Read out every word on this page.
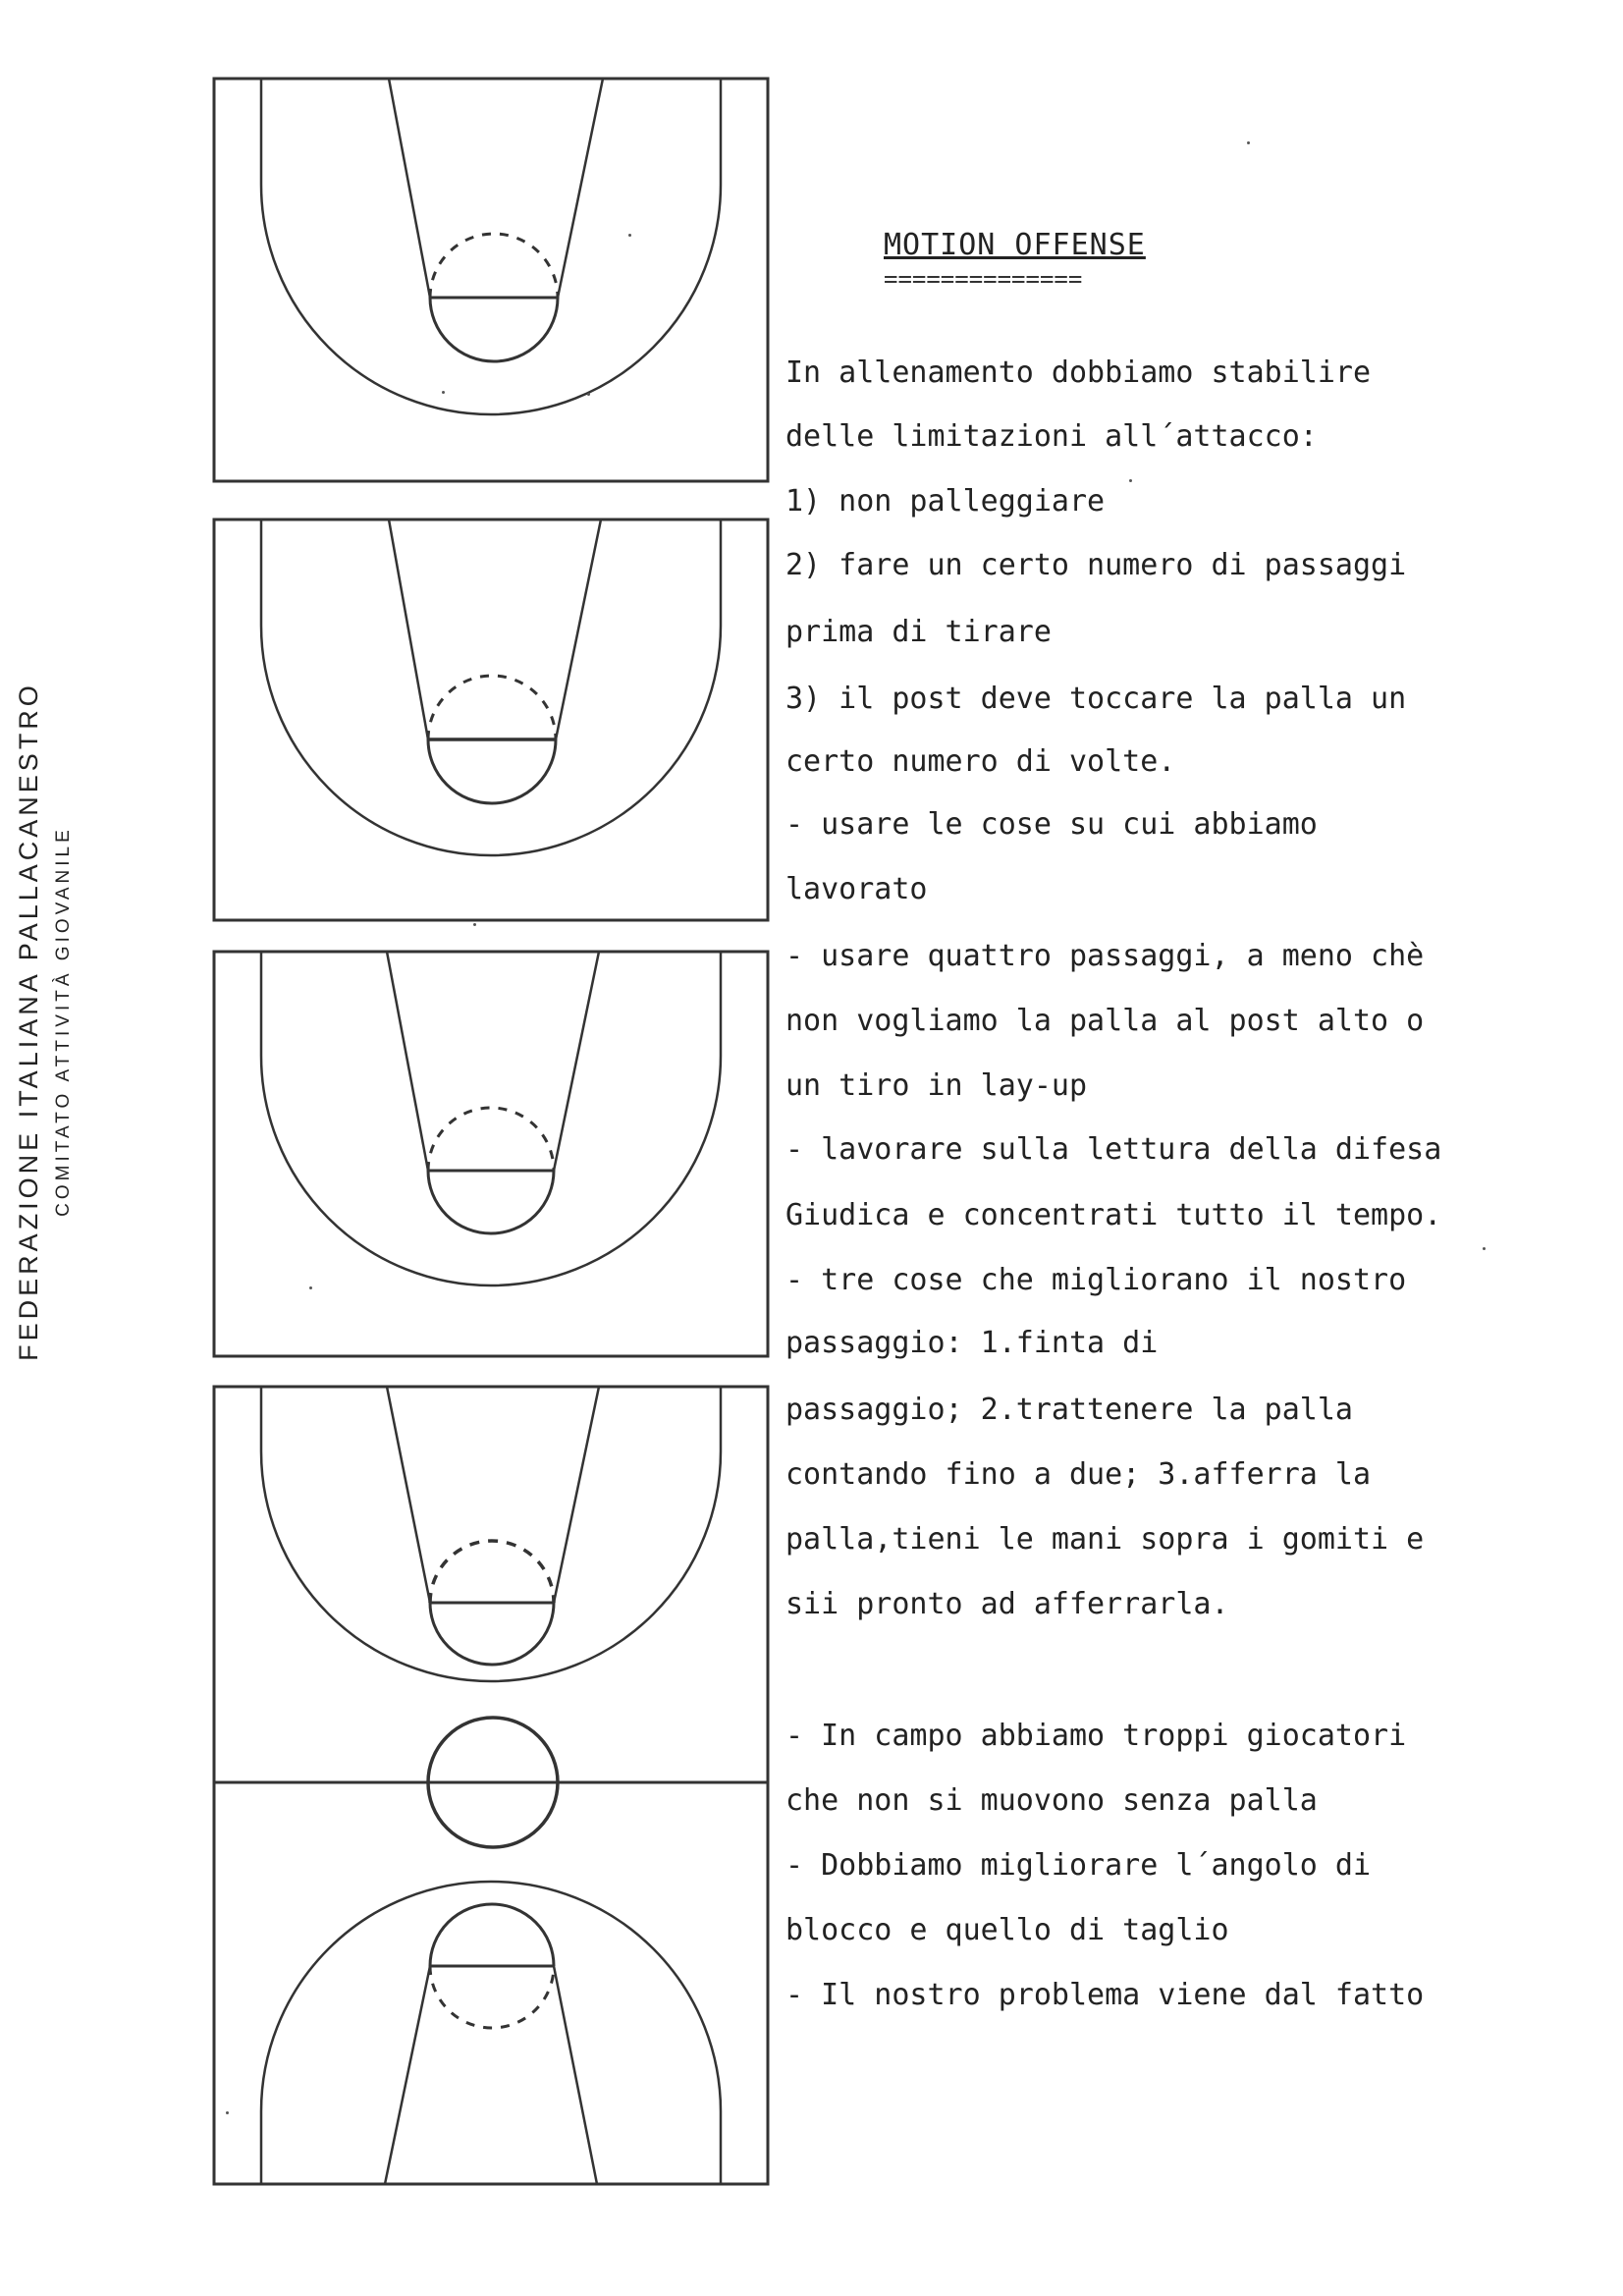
FEDERAZIONE ITALIANA PALLACANESTRO COMITATO ATTIVITÀ GIOVANILE
MOTION OFFENSE
==============
In allenamento dobbiamo stabilire
delle limitazioni all´attacco:
1) non palleggiare
2) fare un certo numero di passaggi
prima di tirare
3) il post deve toccare la palla un
certo numero di volte.
- usare le cose su cui abbiamo
lavorato
- usare quattro passaggi, a meno chè
non vogliamo la palla al post alto o
un tiro in lay-up
- lavorare sulla lettura della difesa
Giudica e concentrati tutto il tempo.
- tre cose che migliorano il nostro
passaggio: 1.finta di
passaggio; 2.trattenere la palla
contando fino a due; 3.afferra la
palla,tieni le mani sopra i gomiti e
sii pronto ad afferrarla.
- In campo abbiamo troppi giocatori
che non si muovono senza palla
- Dobbiamo migliorare l´angolo di
blocco e quello di taglio
- Il nostro problema viene dal fatto
